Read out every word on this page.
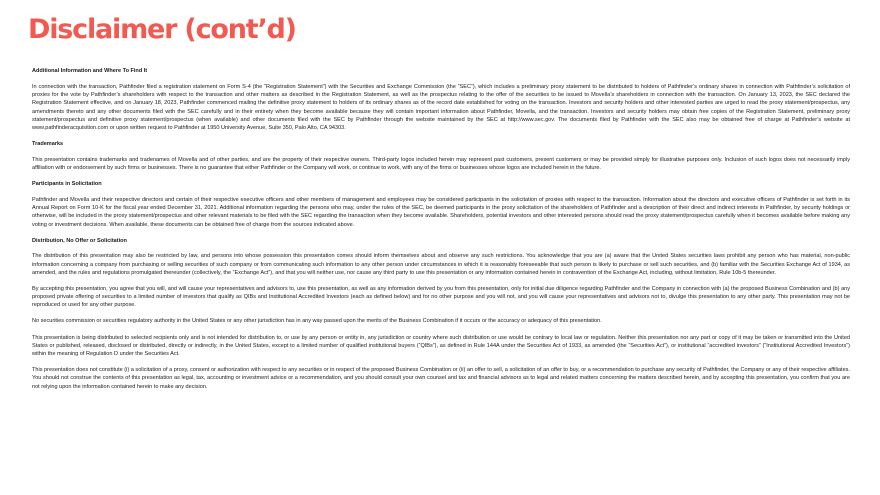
Disclaimer (cont’d)
Additional Information and Where To Find It

In connection with the transaction, Pathfinder filed a registration statement on Form S-4 (the “Registration Statement”) with the Securities and Exchange Commission (the “SEC”), which includes a preliminary proxy statement to be distributed to holders of Pathfinder’s ordinary shares in connection with Pathfinder’s solicitation of proxies for the vote by Pathfinder’s shareholders with respect to the transaction and other matters as described in the Registration Statement, as well as the prospectus relating to the offer of the securities to be issued to Movella’s shareholders in connection with the transaction. On January 13, 2023, the SEC declared the Registration Statement effective, and on January 18, 2023, Pathfinder commenced mailing the definitive proxy statement to holders of its ordinary shares as of the record date established for voting on the transaction. Investors and security holders and other interested parties are urged to read the proxy statement/prospectus, any amendments thereto and any other documents filed with the SEC carefully and in their entirety when they become available because they will contain important information about Pathfinder, Movella, and the transaction. Investors and security holders may obtain free copies of the Registration Statement, preliminary proxy statement/prospectus and definitive proxy statement/prospectus (when available) and other documents filed with the SEC by Pathfinder through the website maintained by the SEC at http://www.sec.gov. The documents filed by Pathfinder with the SEC also may be obtained free of charge at Pathfinder’s website at www.pathfinderacquisition.com or upon written request to Pathfinder at 1950 University Avenue, Suite 350, Palo Alto, CA 94303.

Trademarks

This presentation contains trademarks and tradenames of Movella and of other parties, and are the property of their respective owners. Third-party logos included herein may represent past customers, present customers or may be provided simply for illustrative purposes only. Inclusion of such logos does not necessarily imply affiliation with or endorsement by such firms or businesses. There is no guarantee that either Pathfinder or the Company will work, or continue to work, with any of the firms or businesses whose logos are included herein in the future.

Participants in Solicitation

Pathfinder and Movella and their respective directors and certain of their respective executive officers and other members of management and employees may be considered participants in the solicitation of proxies with respect to the transaction. Information about the directors and executive officers of Pathfinder is set forth in its Annual Report on Form 10-K for the fiscal year ended December 31, 2021. Additional information regarding the persons who may, under the rules of the SEC, be deemed participants in the proxy solicitation of the shareholders of Pathfinder and a description of their direct and indirect interests in Pathfinder, by security holdings or otherwise, will be included in the proxy statement/prospectus and other relevant materials to be filed with the SEC regarding the transaction when they become available. Shareholders, potential investors and other interested persons should read the proxy statement/prospectus carefully when it becomes available before making any voting or investment decisions. When available, these documents can be obtained free of charge from the sources indicated above.

Distribution, No Offer or Solicitation

The distribution of this presentation may also be restricted by law, and persons into whose possession this presentation comes should inform themselves about and observe any such restrictions. You acknowledge that you are (a) aware that the United States securities laws prohibit any person who has material, non-public information concerning a company from purchasing or selling securities of such company or from communicating such information to any other person under circumstances in which it is reasonably foreseeable that such person is likely to purchase or sell such securities, and (b) familiar with the Securities Exchange Act of 1934, as amended, and the rules and regulations promulgated thereunder (collectively, the “Exchange Act”), and that you will neither use, nor cause any third party to use this presentation or any information contained herein in contravention of the Exchange Act, including, without limitation, Rule 10b-5 thereunder.

By accepting this presentation, you agree that you will, and will cause your representatives and advisors to, use this presentation, as well as any information derived by you from this presentation, only for initial due diligence regarding Pathfinder and the Company in connection with (a) the proposed Business Combination and (b) any proposed private offering of securities to a limited number of investors that qualify as QIBs and Institutional Accredited Investors (each as defined below) and for no other purpose and you will not, and you will cause your representatives and advisors not to, divulge this presentation to any other party. This presentation may not be reproduced or used for any other purpose.

No securities commission or securities regulatory authority in the United States or any other jurisdiction has in any way passed upon the merits of the Business Combination if it occurs or the accuracy or adequacy of this presentation.

This presentation is being distributed to selected recipients only and is not intended for distribution to, or use by any person or entity in, any jurisdiction or country where such distribution or use would be contrary to local law or regulation. Neither this presentation nor any part or copy of it may be taken or transmitted into the United States or published, released, disclosed or distributed, directly or indirectly, in the United States, except to a limited number of qualified institutional buyers (“QIBs”), as defined in Rule 144A under the Securities Act of 1933, as amended (the “Securities Act”), or institutional “accredited investors” (“Institutional Accredited Investors”) within the meaning of Regulation D under the Securities Act.

This presentation does not constitute (i) a solicitation of a proxy, consent or authorization with respect to any securities or in respect of the proposed Business Combination or (ii) an offer to sell, a solicitation of an offer to buy, or a recommendation to purchase any security of Pathfinder, the Company or any of their respective affiliates. You should not construe the contents of this presentation as legal, tax, accounting or investment advice or a recommendation, and you should consult your own counsel and tax and financial advisors as to legal and related matters concerning the matters described herein, and by accepting this presentation, you confirm that you are not relying upon the information contained herein to make any decision.
